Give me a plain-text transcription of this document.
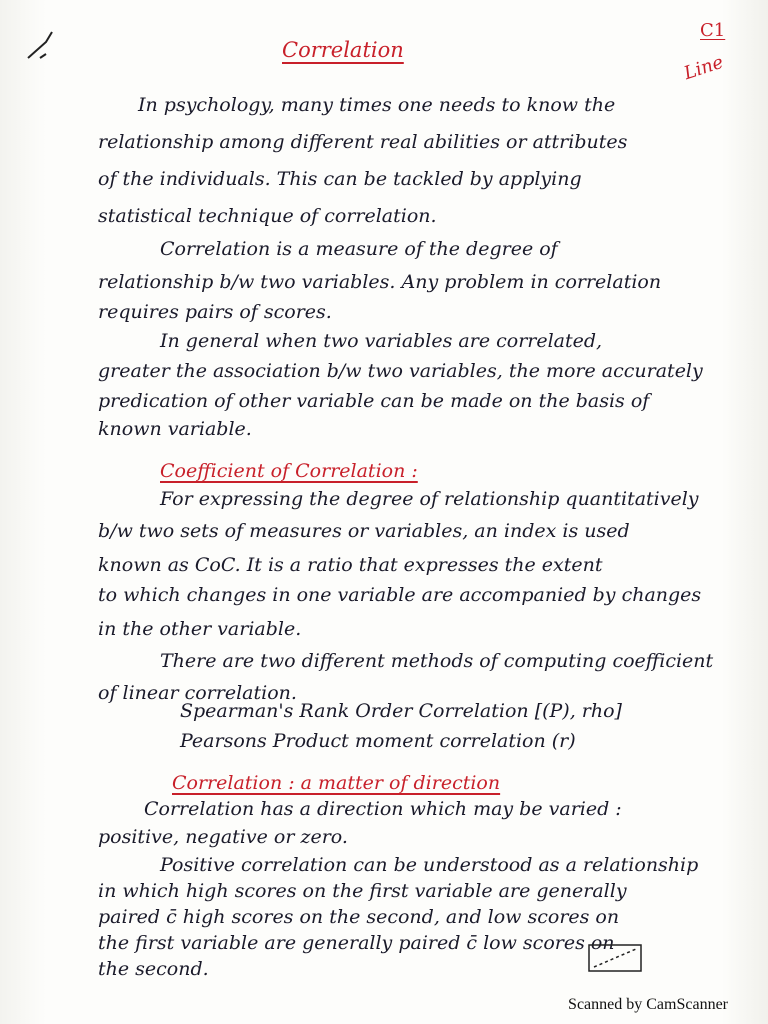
C1
Line
Correlation
In psychology, many times one needs to know the
relationship among different real abilities or attributes
of the individuals. This can be tackled by applying
statistical technique of correlation.
Correlation is a measure of the degree of
relationship b/w two variables. Any problem in correlation
requires pairs of scores.
In general when two variables are correlated,
greater the association b/w two variables, the more accurately
predication of other variable can be made on the basis of
known variable.
Coefficient of Correlation :
For expressing the degree of relationship quantitatively
b/w two sets of measures or variables, an index is used
known as CoC. It is a ratio that expresses the extent
to which changes in one variable are accompanied by changes
in the other variable.
There are two different methods of computing coefficient
of linear correlation.
Spearman's Rank Order Correlation [(P), rho]
Pearsons Product moment correlation (r)
Correlation : a matter of direction
Correlation has a direction which may be varied :
positive, negative or zero.
Positive correlation can be understood as a relationship
in which high scores on the first variable are generally
paired c̄ high scores on the second, and low scores on
the first variable are generally paired c̄ low scores on
the second.
Scanned by CamScanner
